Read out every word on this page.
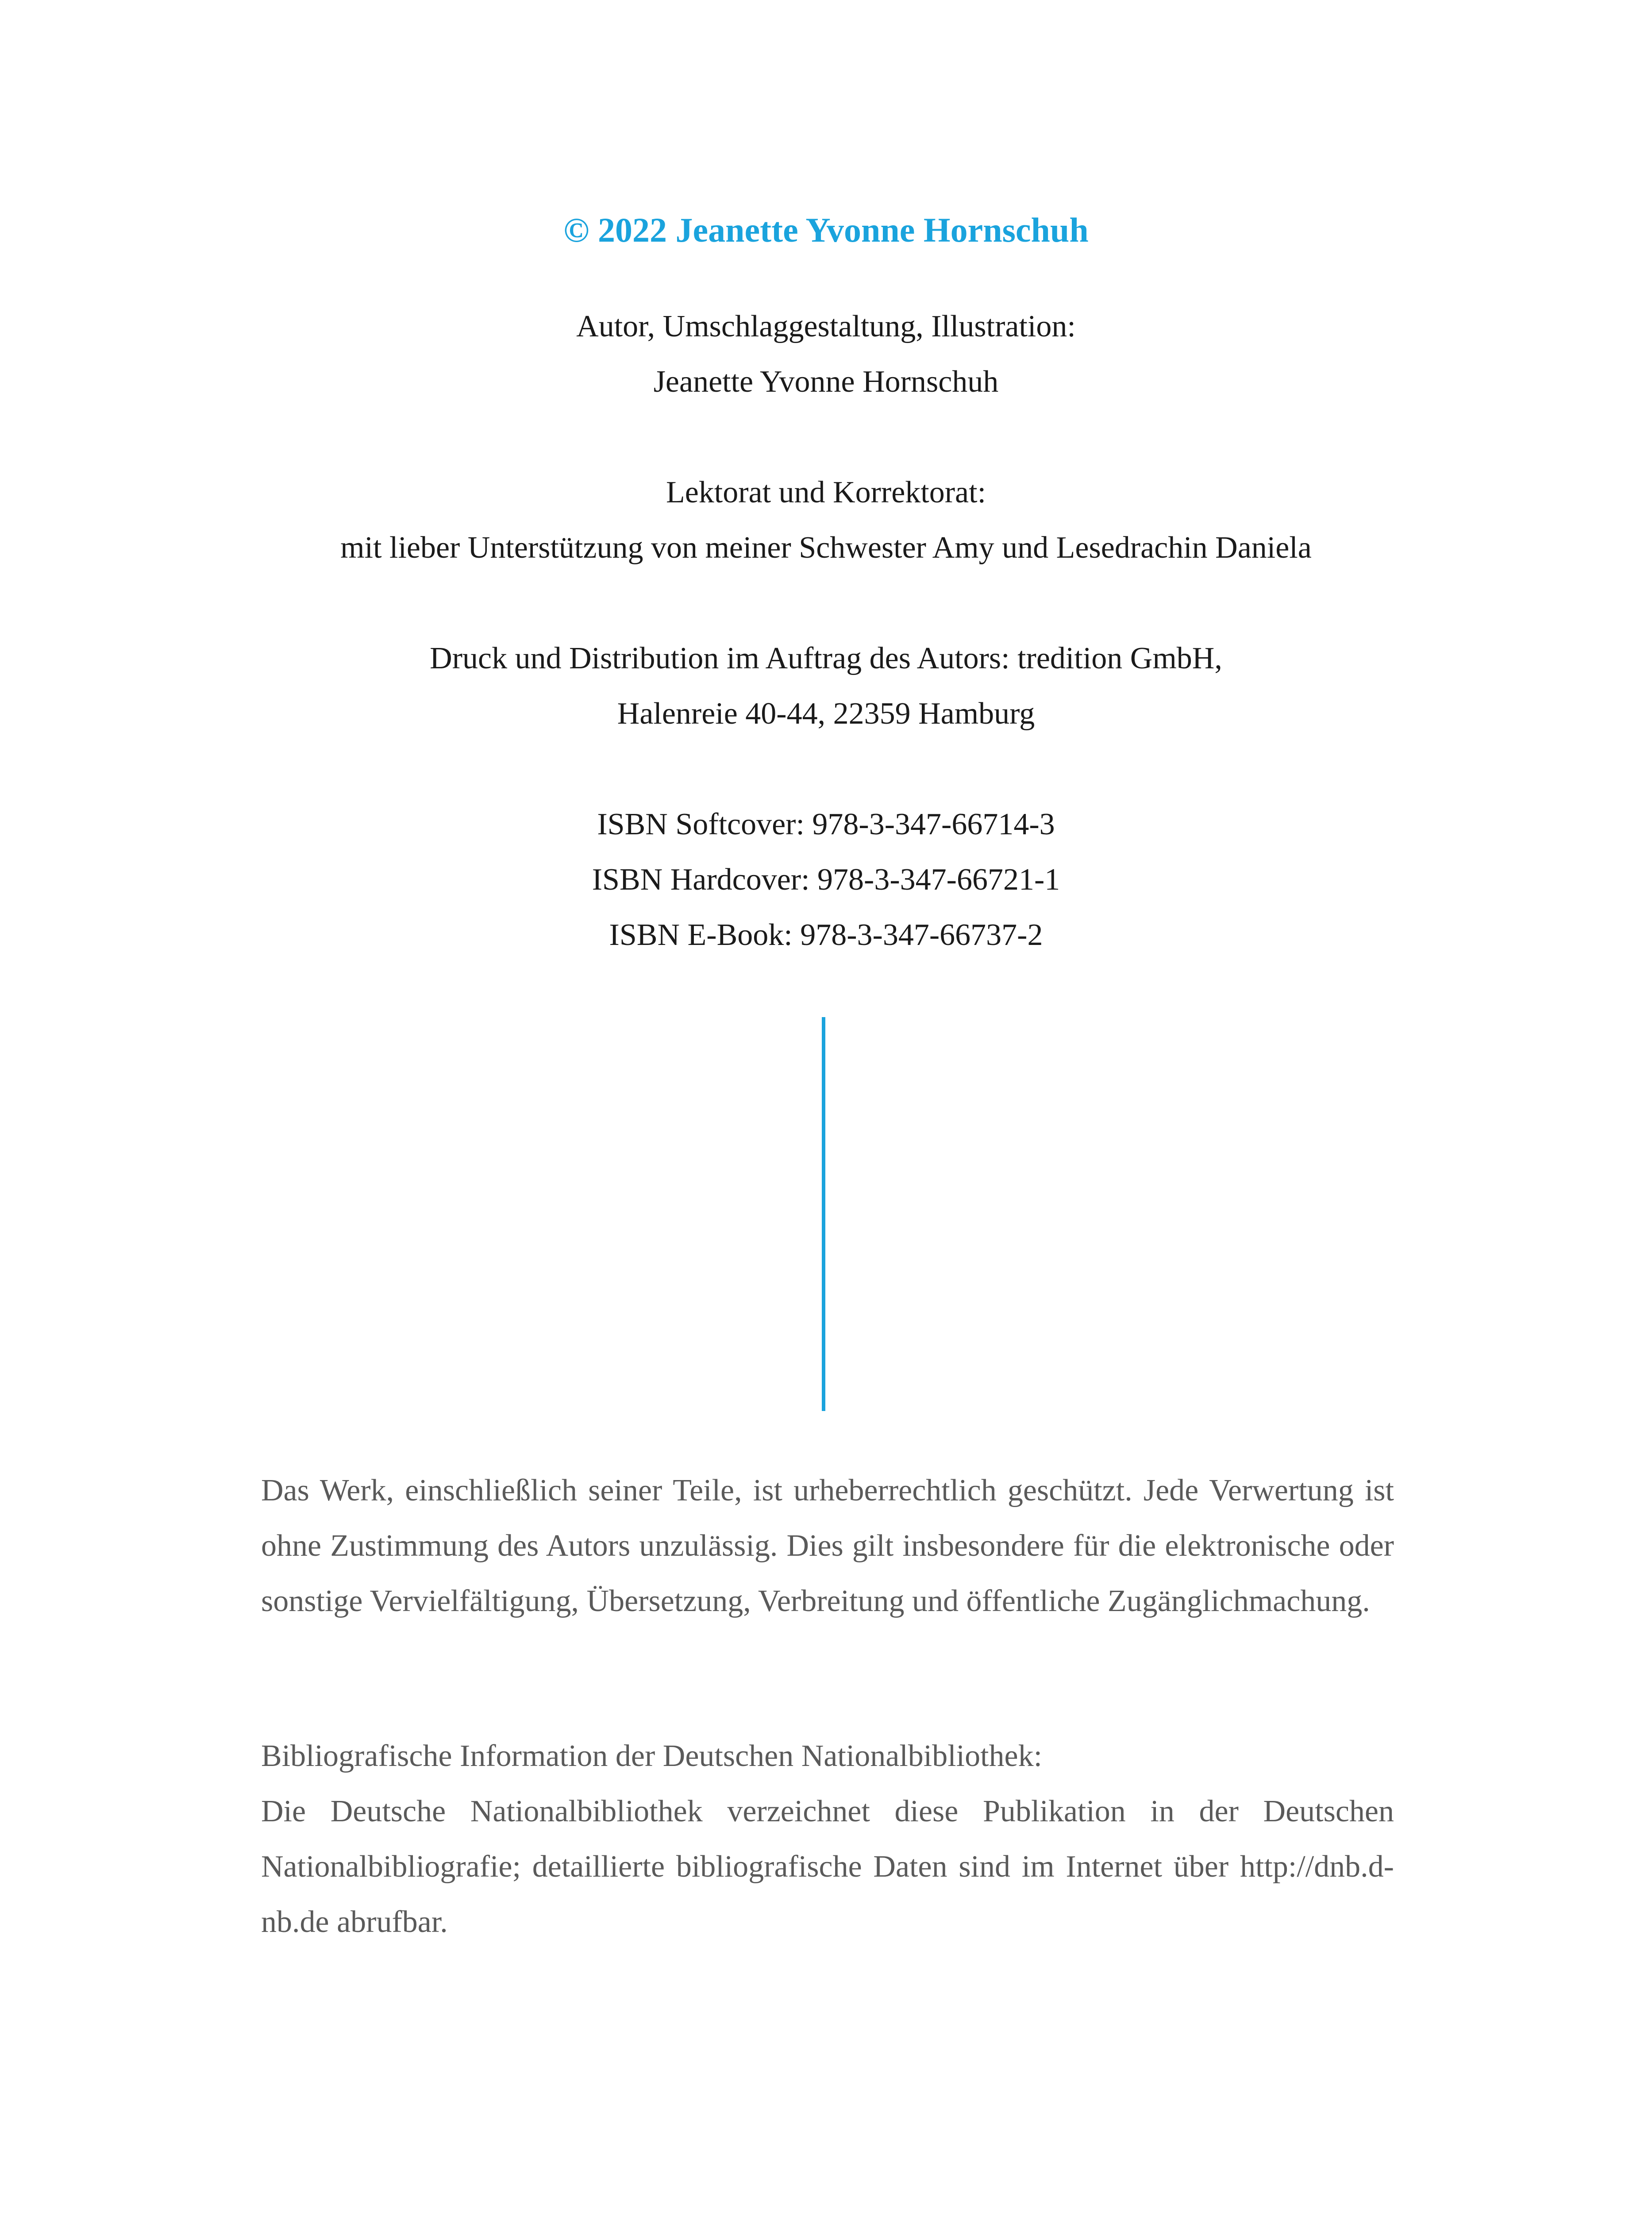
© 2022 Jeanette Yvonne Hornschuh
Autor, Umschlaggestaltung, Illustration:
Jeanette Yvonne Hornschuh
Lektorat und Korrektorat:
mit lieber Unterstützung von meiner Schwester Amy und Lesedrachin Daniela
Druck und Distribution im Auftrag des Autors: tredition GmbH,
Halenreie 40-44, 22359 Hamburg
ISBN Softcover: 978-3-347-66714-3
ISBN Hardcover: 978-3-347-66721-1
ISBN E-Book: 978-3-347-66737-2
Das Werk, einschließlich seiner Teile, ist urheberrechtlich geschützt. Jede Verwertung ist ohne Zustimmung des Autors unzulässig. Dies gilt insbesondere für die elektronische oder sonstige Vervielfältigung, Übersetzung, Verbreitung und öffentliche Zugänglichmachung.
Bibliografische Information der Deutschen Nationalbibliothek:
Die Deutsche Nationalbibliothek verzeichnet diese Publikation in der Deutschen Nationalbibliografie; detaillierte bibliografische Daten sind im Internet über http://dnb.d-nb.de abrufbar.
